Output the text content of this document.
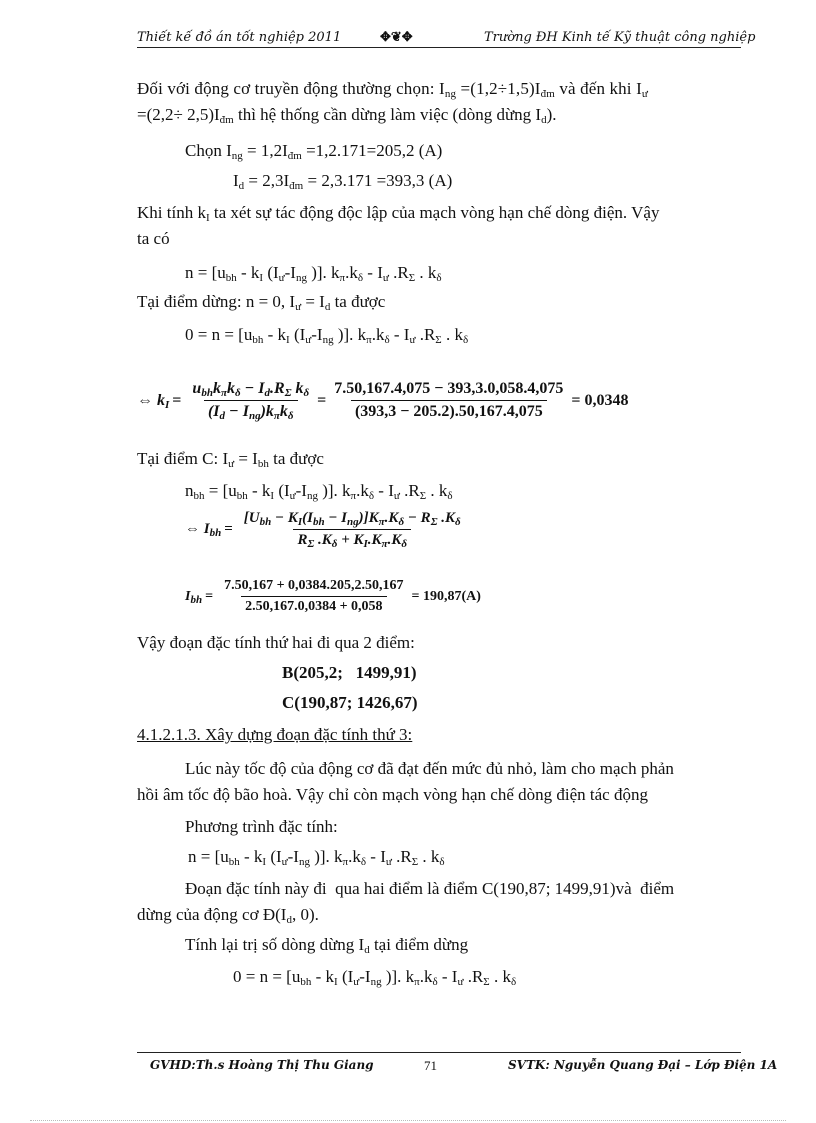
Thiết kế đồ án tốt nghiệp 2011	✥❦✥	Trường ĐH Kinh tế Kỹ thuật công nghiệp
Đối với động cơ truyền động thường chọn: $I_{ng} =(1,2\div 1,5)I_{đm}$ và đến khi $I_ư$
$=(2,2\div 2,5)I_{đm}$ thì hệ thống cần dừng làm việc (dòng dừng $I_d$).
Chọn $I_{ng} = 1,2I_{đm} =1,2.171=205,2$ (A)
$I_d = 2,3I_{đm} = 2,3.171 =393,3$ (A)
Khi tính $k_I$ ta xét sự tác động độc lập của mạch vòng hạn chế dòng điện. Vậy
ta có
$n = [u_{bh} - k_I$ ($I_ư-I_{ng}$ )]. $k_\pi.k_\delta - I_ư$ $.R_\Sigma$ . $k_\delta$
Tại điểm dừng: n = 0, $I_ư = I_d$ ta được
$0 = n = [u_{bh} - k_I$ ($I_ư-I_{ng}$ )]. $k_\pi.k_\delta - I_ư$ $.R_\Sigma$ . $k_\delta$
⇔ $k_I = \frac{u_{bh}k_\pi k_\delta - I_d.R_\Sigma k_\delta}{(I_d - I_{ng})k_\pi k_\delta} = \frac{7.50,167.4,075 - 393,3.0,058.4,075}{(393,3 - 205.2).50,167.4,075} = 0,0348$
Tại điểm C: $I_ư = I_{bh}$ ta được
$n_{bh} = [u_{bh} - k_I$ ($I_ư-I_{ng}$ )]. $k_\pi.k_\delta - I_ư$ $.R_\Sigma$ . $k_\delta$
⇔ $I_{bh} = \frac{[U_{bh} - K_I(I_{bh} - I_{ng})]K_\pi.K_\delta - R_\Sigma .K_\delta}{R_\Sigma .K_\delta + K_I.K_\pi.K_\delta}$
$I_{bh} = \frac{7.50,167 + 0,0384.205,2.50,167}{2.50,167.0,0384 + 0,058} = 190,87(A)$
Vậy đoạn đặc tính thứ hai đi qua 2 điểm:
B(205,2;   1499,91)
C(190,87; 1426,67)
4.1.2.1.3. Xây dựng đoạn đặc tính thứ 3:
Lúc này tốc độ của động cơ đã đạt đến mức đủ nhỏ, làm cho mạch phản
hồi âm tốc độ bão hoà. Vậy chỉ còn mạch vòng hạn chế dòng điện tác động
Phương trình đặc tính:
$n = [u_{bh} - k_I$ ($I_ư-I_{ng}$ )]. $k_\pi.k_\delta - I_ư$ $.R_\Sigma$ . $k_\delta$
Đoạn đặc tính này đi  qua hai điểm là điểm C(190,87; 1499,91)và  điểm
dừng của động cơ $Đ(I_d$, 0).
Tính lại trị số dòng dừng $I_d$ tại điểm dừng
$0 = n = [u_{bh} - k_I$ ($I_ư-I_{ng}$ )]. $k_\pi.k_\delta - I_ư$ $.R_\Sigma$ . $k_\delta$
GVHD:Th.s Hoàng Thị Thu Giang	71	SVTK: Nguyễn Quang Đại – Lớp Điện 1A
